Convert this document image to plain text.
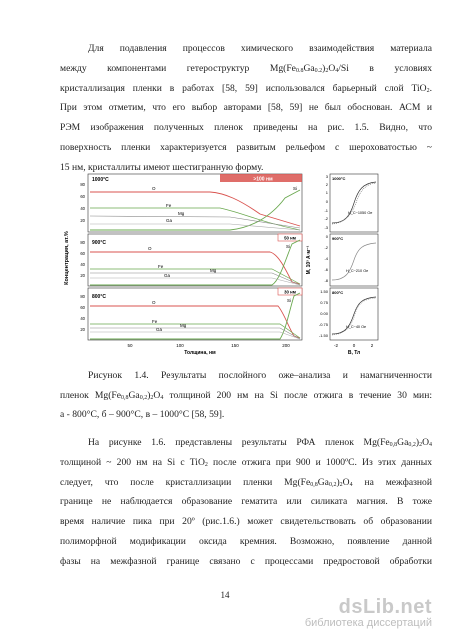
Для подавления процессов химического взаимодействия материала
между компонентами гетероструктур $Mg(Fe_{0.8}Ga_{0.2})_2O_4/Si$ в условиях
кристаллизация пленки в работах [58, 59] использовался барьерный слой TiO$_2$.
При этом отметим, что его выбор авторами [58, 59] не был обоснован. АСМ и
РЭМ изображения полученных пленок приведены на рис. 1.5. Видно, что
поверхность пленки характеризуется развитым рельефом с шероховатостью ~
15 нм, кристаллиты имеют шестигранную форму.
Концентрация, ат.%
>100 нм
1000°C
80
60
40
20
O	Si
Fe
Mg
Ga
50 нм
900°C
80
60
40
20
O	Si
Fe
Mg
Ga
30 нм
800°C
80
60
40
20
O	Si
Fe
Mg
Ga
50	100	150	200
Толщина, нм
M, 10³ A·м⁻¹
3
2
1
0
-1
-2
-3
1000°C
H_C~1050 Oe
0
-2
-4
-6
-8
900°C
H_C~210 Oe
1.50
0.75
0.00
-0.75
-1.50
800°C
H_C~40 Oe
-2	0	2
B, Тл
Рисунок 1.4. Результаты послойного оже–анализа и намагниченности
пленок $Mg(Fe_{0,8}Ga_{0,2})_2O_4$ толщиной 200 нм на Si после отжига в течение 30 мин:
а - 800°С, б – 900°С, в – 1000°С [58, 59].
На рисунке 1.6. представлены результаты РФА пленок $Mg(Fe_{0,8}Ga_{0,2})_2O_4$
толщиной ~ 200 нм на Si с TiO$_2$ после отжига при 900 и 1000ºС. Из этих данных
следует, что после кристаллизации пленки $Mg(Fe_{0,8}Ga_{0,2})_2O_4$ на межфазной
границе не наблюдается образование гематита или силиката магния. В тоже
время наличие пика при 20º (рис.1.6.) может свидетельствовать об образовании
полиморфной модификации оксида кремния. Возможно, появление данной
фазы на межфазной границе связано с процессами предростовой обработки
14
dsLib.net
библиотека диссертаций
